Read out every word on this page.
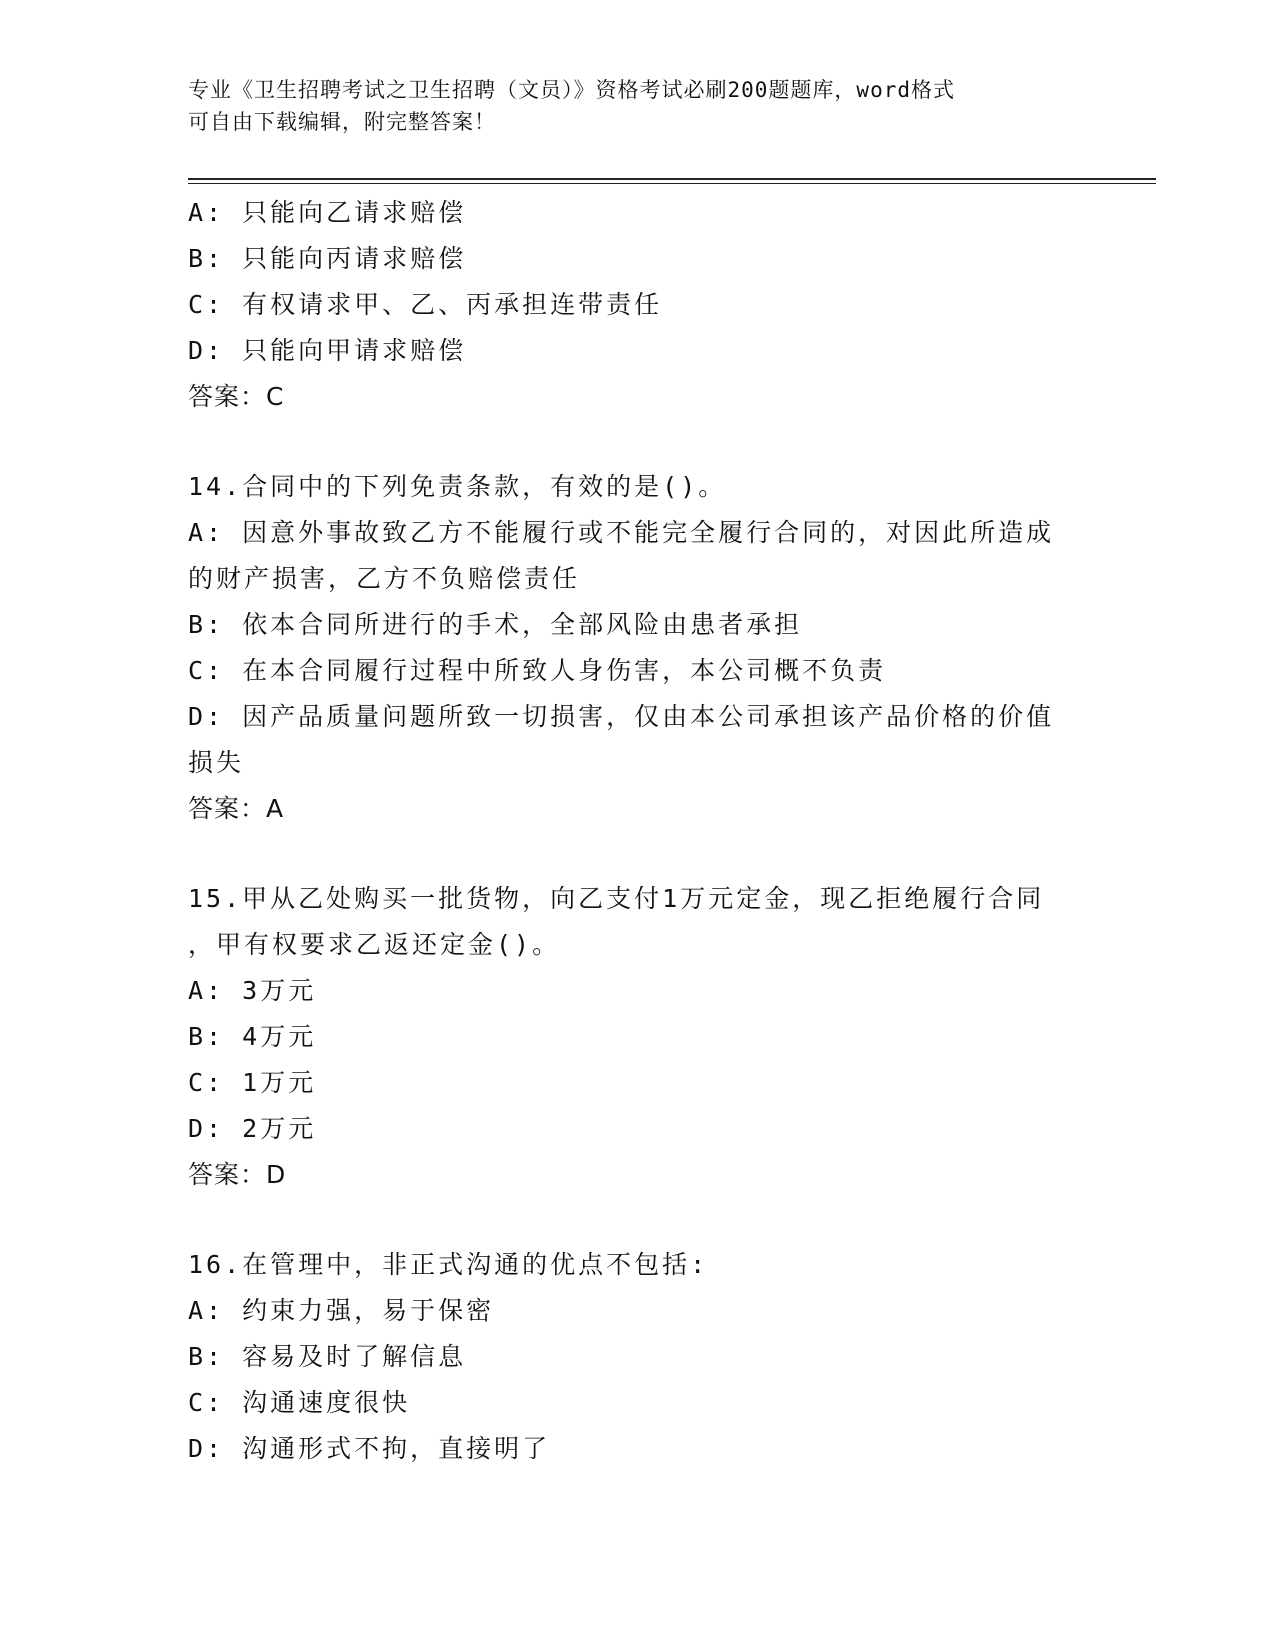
专业《卫生招聘考试之卫生招聘（文员）》资格考试必刷200题题库，word格式
可自由下载编辑，附完整答案！
A: 只能向乙请求赔偿
B: 只能向丙请求赔偿
C: 有权请求甲、乙、丙承担连带责任
D: 只能向甲请求赔偿
答案：C
14.合同中的下列免责条款，有效的是()。
A: 因意外事故致乙方不能履行或不能完全履行合同的，对因此所造成
的财产损害，乙方不负赔偿责任
B: 依本合同所进行的手术，全部风险由患者承担
C: 在本合同履行过程中所致人身伤害，本公司概不负责
D: 因产品质量问题所致一切损害，仅由本公司承担该产品价格的价值
损失
答案：A
15.甲从乙处购买一批货物，向乙支付1万元定金，现乙拒绝履行合同
，甲有权要求乙返还定金()。
A: 3万元
B: 4万元
C: 1万元
D: 2万元
答案：D
16.在管理中，非正式沟通的优点不包括:
A: 约束力强，易于保密
B: 容易及时了解信息
C: 沟通速度很快
D: 沟通形式不拘，直接明了
